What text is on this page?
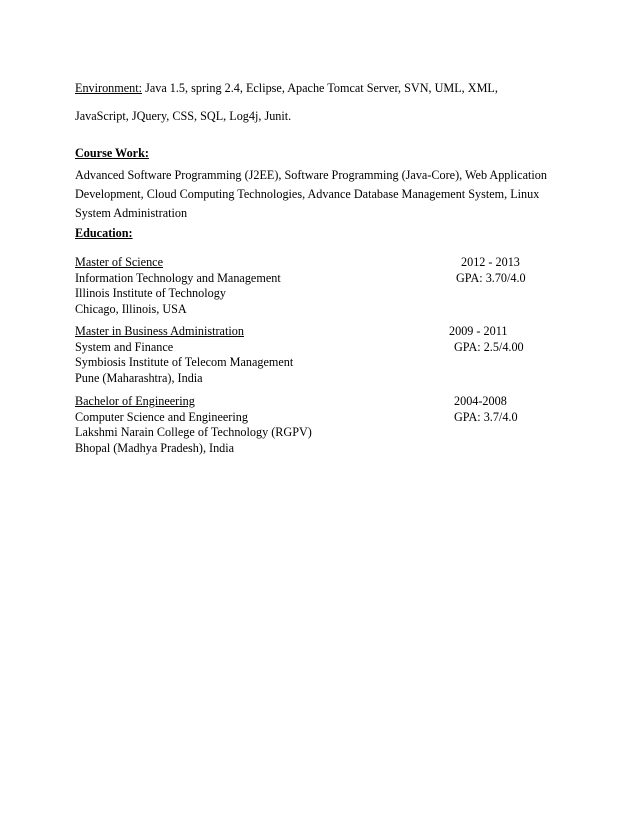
Environment: Java 1.5, spring 2.4, Eclipse, Apache Tomcat Server, SVN, UML, XML,
JavaScript, JQuery, CSS, SQL, Log4j, Junit.
Course Work:
Advanced Software Programming (J2EE), Software Programming (Java-Core), Web Application
Development, Cloud Computing Technologies, Advance Database Management System, Linux
System Administration
Education:
Master of Science	2012 - 2013
Information Technology and Management	GPA: 3.70/4.0
Illinois Institute of Technology
Chicago, Illinois, USA
Master in Business Administration	2009 - 2011
System and Finance	GPA: 2.5/4.00
Symbiosis Institute of Telecom Management
Pune (Maharashtra), India
Bachelor of Engineering	2004-2008
Computer Science and Engineering	GPA: 3.7/4.0
Lakshmi Narain College of Technology (RGPV)
Bhopal (Madhya Pradesh), India
